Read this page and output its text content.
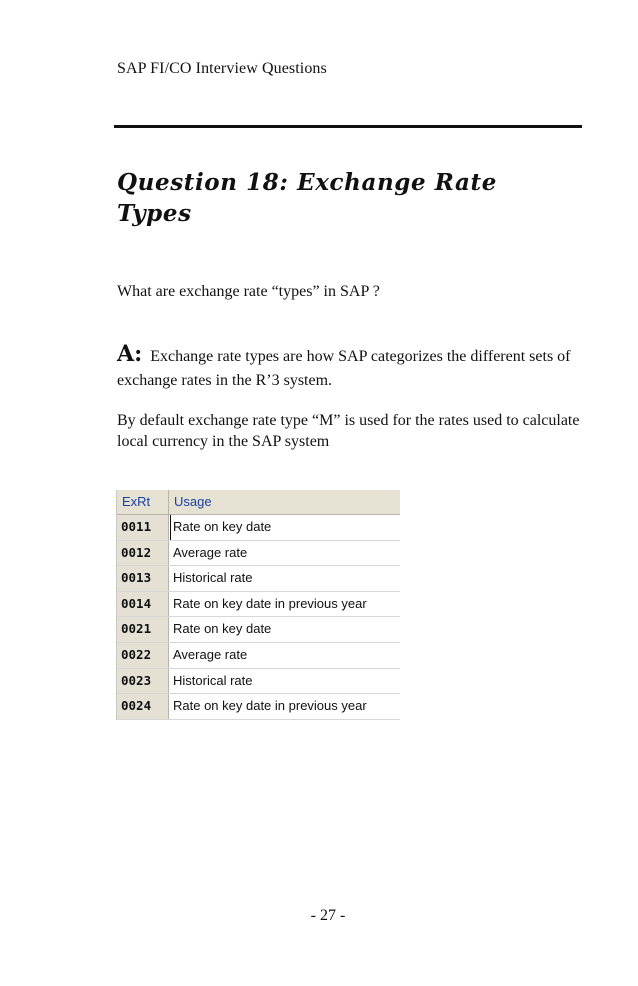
SAP FI/CO Interview Questions
Question 18: Exchange Rate Types
What are exchange rate “types” in SAP ?
A: Exchange rate types are how SAP categorizes the different sets of exchange rates in the R’3 system.
By default exchange rate type “M” is used for the rates used to calculate local currency in the SAP system
ExRt	Usage
0011	Rate on key date
0012	Average rate
0013	Historical rate
0014	Rate on key date in previous year
0021	Rate on key date
0022	Average rate
0023	Historical rate
0024	Rate on key date in previous year
- 27 -
